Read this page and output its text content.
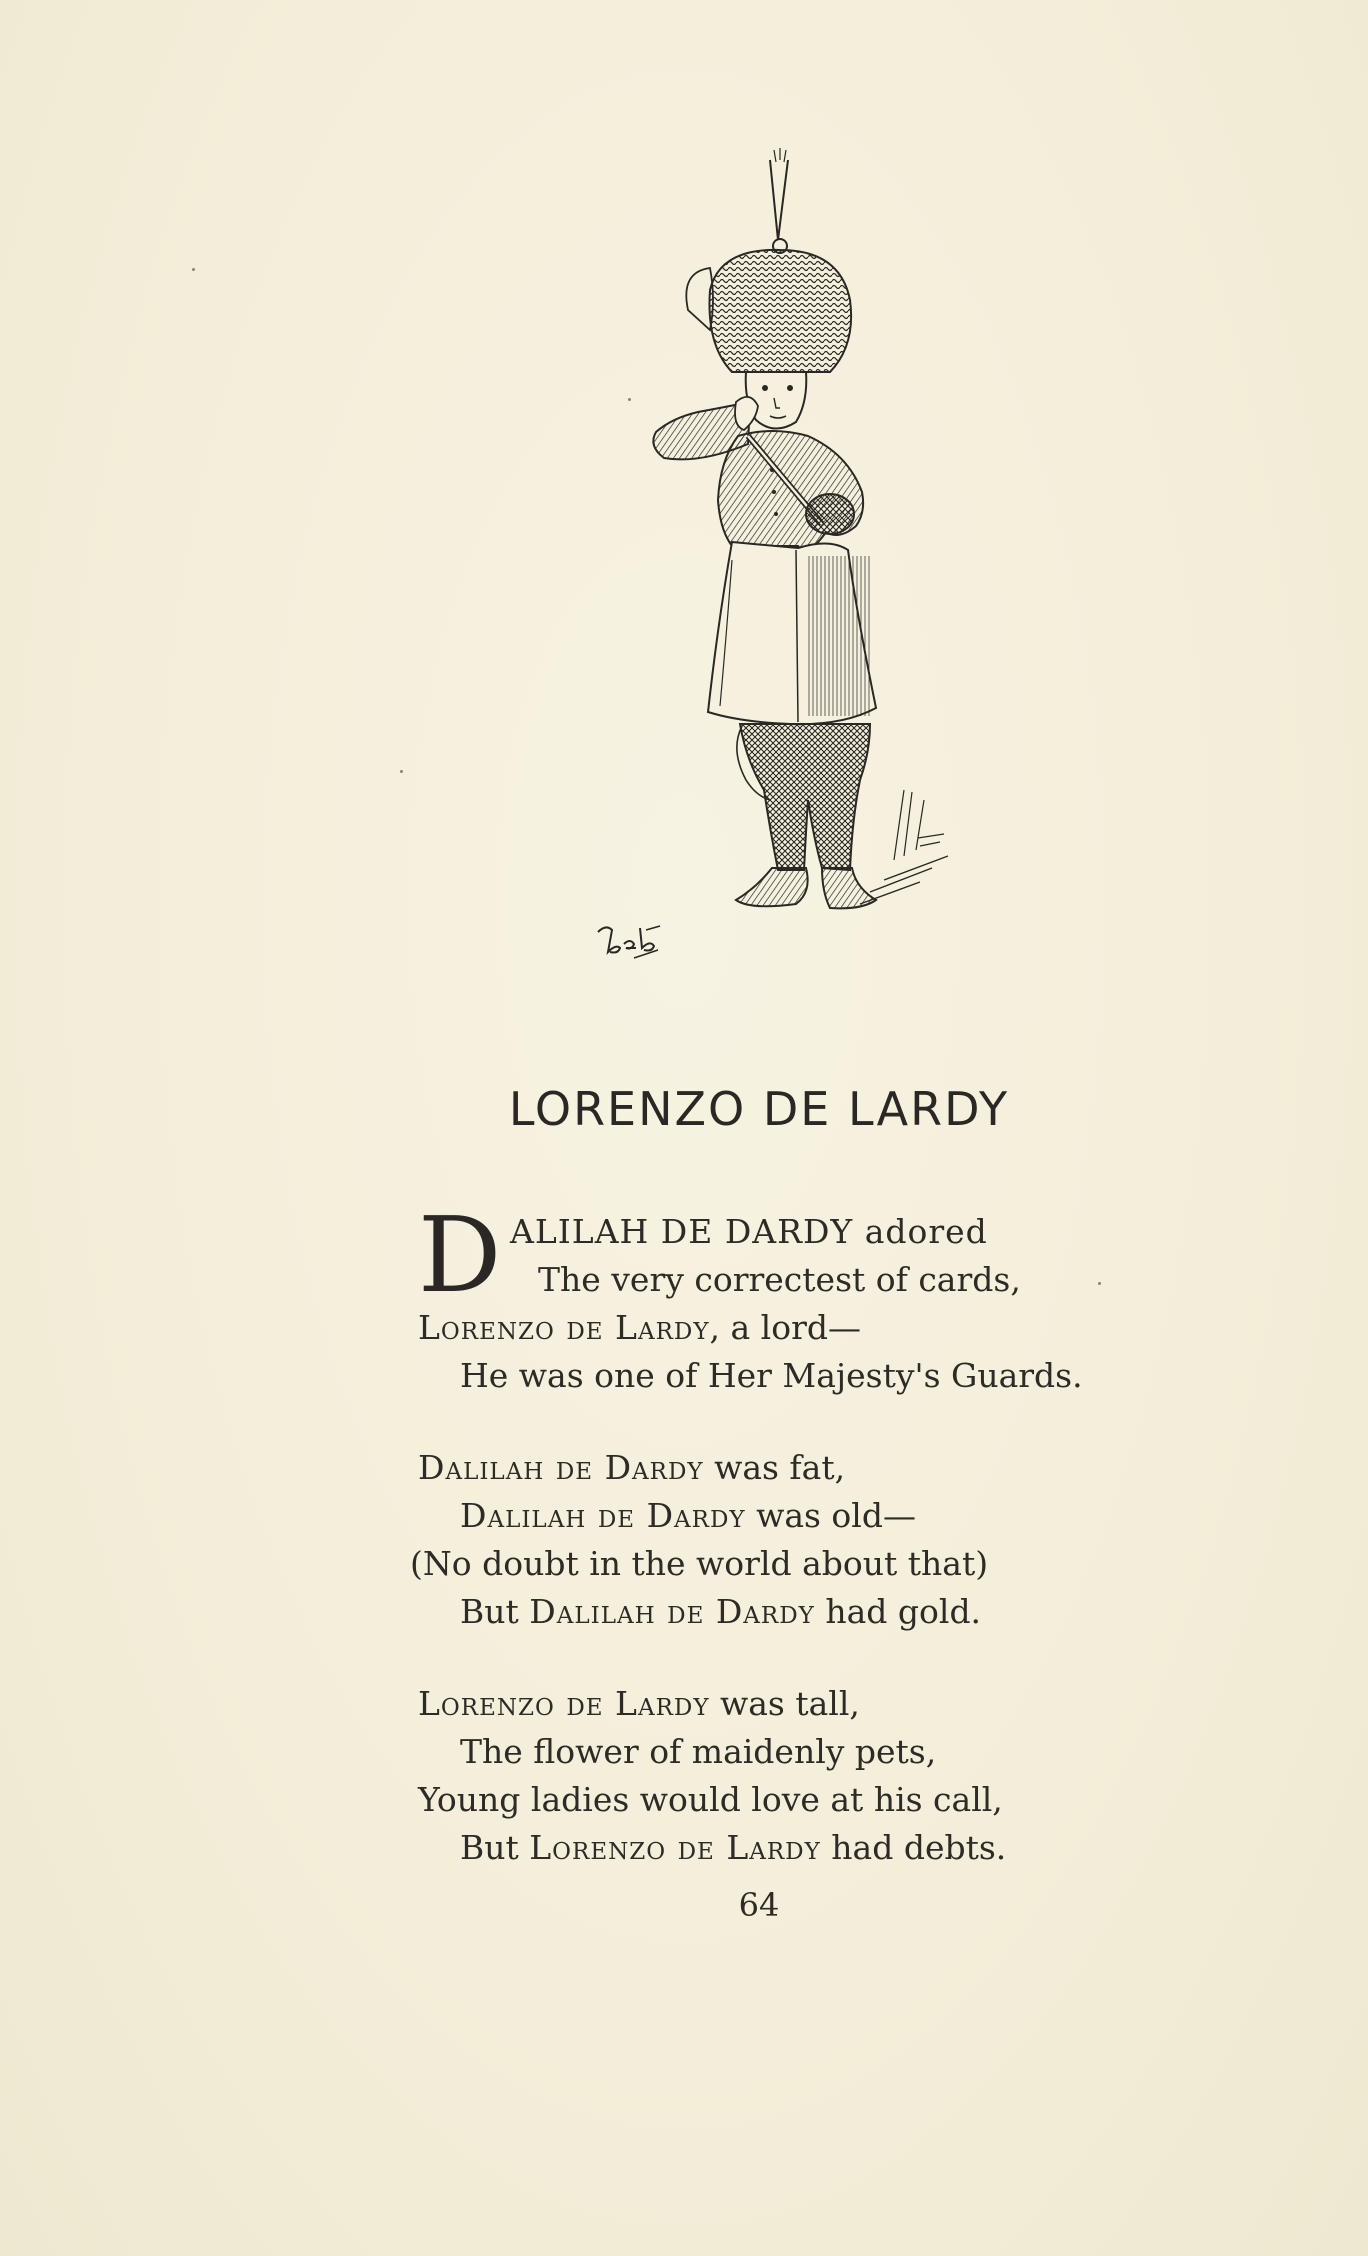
LORENZO DE LARDY
D ALILAH DE DARDY adored
The very correctest of cards,
Lorenzo de Lardy, a lord—
He was one of Her Majesty's Guards.
Dalilah de Dardy was fat,
Dalilah de Dardy was old—
(No doubt in the world about that)
But Dalilah de Dardy had gold.
Lorenzo de Lardy was tall,
The flower of maidenly pets,
Young ladies would love at his call,
But Lorenzo de Lardy had debts.
64
